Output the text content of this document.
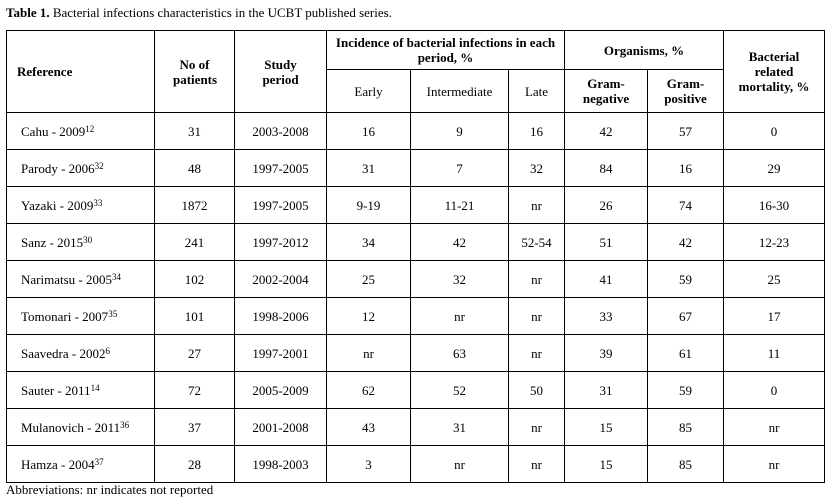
Table 1. Bacterial infections characteristics in the UCBT published series.
Reference	No of patients	Study period	Incidence of bacterial infections in each period, %			Organisms, %		Bacterial related mortality, %
			Early	Intermediate	Late	Gram-negative	Gram-positive	
Cahu - 2009$^{12}$	31	2003-2008	16	9	16	42	57	0
Parody - 2006$^{32}$	48	1997-2005	31	7	32	84	16	29
Yazaki - 2009$^{33}$	1872	1997-2005	9-19	11-21	nr	26	74	16-30
Sanz - 2015$^{30}$	241	1997-2012	34	42	52-54	51	42	12-23
Narimatsu - 2005$^{34}$	102	2002-2004	25	32	nr	41	59	25
Tomonari - 2007$^{35}$	101	1998-2006	12	nr	nr	33	67	17
Saavedra - 2002$^6$	27	1997-2001	nr	63	nr	39	61	11
Sauter - 2011$^{14}$	72	2005-2009	62	52	50	31	59	0
Mulanovich - 2011$^{36}$	37	2001-2008	43	31	nr	15	85	nr
Hamza - 2004$^{37}$	28	1998-2003	3	nr	nr	15	85	nr
Abbreviations: nr indicates not reported
